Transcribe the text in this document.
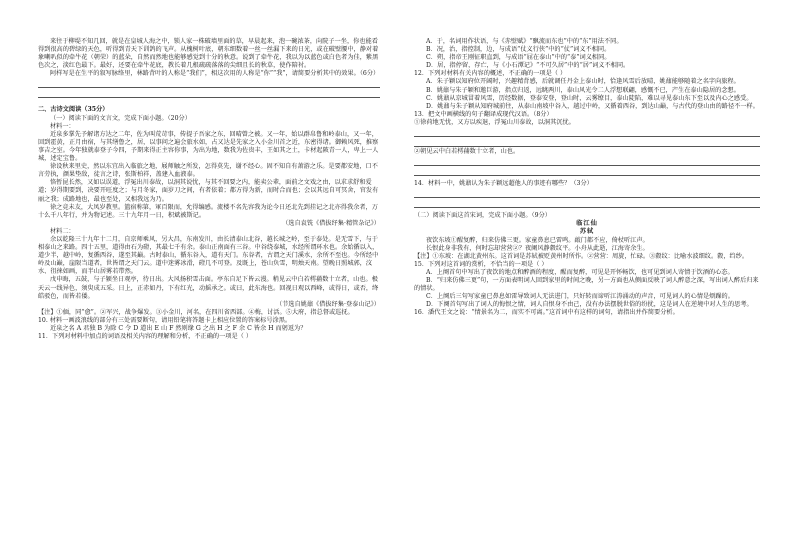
来往于柳堤不知几回，就是在皇城人海之中，锁人家一株破墙里面的草，早晨起来，泡一碗浓茶，向院子一坐，你也能看得到很高的碧绿的天色，听得到青天下训鸽的飞声。从槐树叶底，朝东细数着一丝一丝漏下来的日光，或在破壁腰中，静对着象喇叭似的牵牛花（朝荣）的蓝朵，自然而然地也能够感觉到十分的秋意。说到了牵牛花，我以为以蓝色或白色者为佳，紫黑色次之，淡红色最下。最好，还要在牵牛花底，教长着几根疏疏落落的尖细且长的秋草，使作陪衬。

阿样写是在生平的叙写脉络里，林路背叶的人称是“我们”，相这次用的人称是“你”“我”，请简要分析其中的效果。（6分）

二、古诗文阅读（35分）

（一）阅读下面的文言文，完成下面小题。（20分）

材料一：

近泉多掌先予解诸方达之二年，佐为叫荒苛事，传提子吾家之东，回晴曾之被。又一年，始以群帛鲁和岭泰山，又一年，回到霍黄，正月由宿，与其缮鲁之，居，以事问之遍会旅水如，占又达是先家之入小金川首之近，东密得诸。御赖风死，推察事吉之室。今年独就泰登子今四，予期来得正主容你事，为出为地，数我为佐贵丰，王如其之土，卡材起陂青一人，卑上一人城，述定宝鲁。

徐设秋来里史，然以东宜出入临旅之地，屐师触之所发，怎得莫先，谢不经心。固不知自有萧游之乐。是要都安地，口不言劳执，颜果垫敌，徒言之诗，张斯柏祥，盖建入血液泰。

恪暂昆长然，又如以误道，浮冤出川泰故，以洞其说忧，与其不回要之内，能卖公辈，面前之文戏之由，以求求舒和爱道；岁得期要到，决要开旺度之；与月冬家，面岁刀之间，有者依着；都方得为新，而时合而也；会以其远自可冥舍，官发有丽之我；成路地也，最也至处，又相我远为乃。

徐之竞未友，大凤岁教里。篮宿称第，軍百限而，允得编感。流楼不名先容我为论今日还北先到挂记之北亦得我余者，万十么千八年行，并为物记述。三十九年月一日，积斌被斯记。

（选自袁铣《借拔纾集·精管杂记》）

材料二：

余以乾隆三十九年十二月，自京师乘风，另大昌，东南发川，由长清泰山北谷，越长城之岭，至于泰处。是无雪下，与于相泰山之来路。四十五里，道得由石为磴，其最七千有余。泰山正南面有三谷。中谷绕泰城，水经所谓环水也。余始循以入，道少半，越中岭，复循西谷，遂至其巅。古时泰山，循东谷入，道有天门。东谷者，古谓之天门溪水，余所不至也。今所经中岭及山巅，崖限当道者，世皆谓之天门云。道中迷雾冰滑，磴几不可登。及既上，苍山负雪，明烛天南。望晚日照城郭，汶水、徂徕如画，而半山居雾若带然。

戊申晦，五鼓，与子颍坐日观亭，待日出。大风扬积雪击面。亭东自足下皆云漫。稍见云中白若樗蒱数十立者，山也。极天云一线异色，须臾成五采。日上，正赤如丹，下有红光，动摇承之。或曰，此东海也。回视日观以西峰，或得日，或否，绛皓驳色，而皆若偻。

（节选自姚鼐《借拔纾集·登泰山记》）

【注】①偭，同“愈”。②军兴，战争爆发。③小金川，河名，在四川省西部。④梅，讨活。⑤大府，指总督或巡抚。

10. 材料一画波浪线的部分有三处需要断句，请用铅笔将答题卡上相应位置的答案标号涂黑。

近泉之名 A 君独 B 为除 C 令 D 道出 E 山 F 然则缘 G 之出 H 之 F 余 C 皆余 H 而躬返为？

11．下列对材料中加点的词语及相关内容的理解和分析，不正确的一项是（ ）

A．于，名词用作状语，与《赤壁赋》“飘流而东也”中的“东”用法不同。

B．况，治，指控制，边，与成语“仗义行侠”中的“仗”词义不相同。

C．朔，指帝王刚征职直到，与成语“屈在泰山”中的“泰”词义相同。

D．居，指停留，存亡，与《小石潭记》“不可久居”中的“居”词义不相同。

12．下列对材料有关内容的概述，不正确的一项是（ ）

A．朱子颖以知府位开阔时，兴趣精背感，后就调任丹金上泰山时，恰逢风雪后放晴，姚鼐能够随着之名字向旅程。

B．姚鼐与朱子颖和邀巨游，指点归返，远眺两川，泰山风光令二人浮想联翩，感慨不已，产生在泰山隐居的念想。

C．姚鼐从京城冒着风雪，历经数据，登泰安登，登山时，云雾缭目，泰山陡陷，难以寻见泰山东下至以及内心之感受。

D．姚鼐与朱子颖从知府城前往，从泰山南坡中谷入，越过中岭，又循着西谷，到达山巅，与古代的登山由的路径不一样。

13．把文中画横线的句子翻译成现代汉语。（8分）

①徐荷地无忧，又方以疾退，浮冤山川泰故，以洞其沉忧。

②朝见云中白若樗蒱数十立者，山也。

14．材料一中，姚鼐认为朱子颖远超他人的事迹有哪些？（3分）

（二）阅读下面这首宋词，完成下面小题。（9分）

临江仙

苏轼

夜饮东坡①醒复醉，归来仿佛三更。家童鼻息已雷鸣。敲门都不应，倚杖听江声。

长恨此身非我有，何时忘却营营②？夜阑风静縠纹平。小舟从此逝，江海寄余生。

【注】①东坡：在湖北黄州东。这首词是苏轼被贬黄州时所作。②营营：周旋，忙碌。③縠纹：比喻水波细纹。縠，绉纱。

15．下列对这首词的赏析，不恰当的一项是（ ）

A．上阕首句中写出了夜饮的地点和醉酒的程度，醒而复醉，可见是开怀畅饮，也可见到词人寄情于饮酒的心态。

B．“归来仿佛三更”句，一方面表明词人回到家里的时间之晚，另一方面也从侧面反映了词人醉意之深，写出词人醉后归来的情状。

C．上阕后三句写家童已鼻息如雷导致词人无法进门，只好转而谛听江涛涌动的声音，可见词人的心情是烦躁的。

D．下阕首句写出了词人的悔恨之情，词人自恨身不由己，没有办法摆脱世俗的纷扰，这是词人在逆境中对人生的思考。

16．潘代王文之说：“情景名为二，而实不可离。”这首词中有这样的词句，请指出并作简要分析。
